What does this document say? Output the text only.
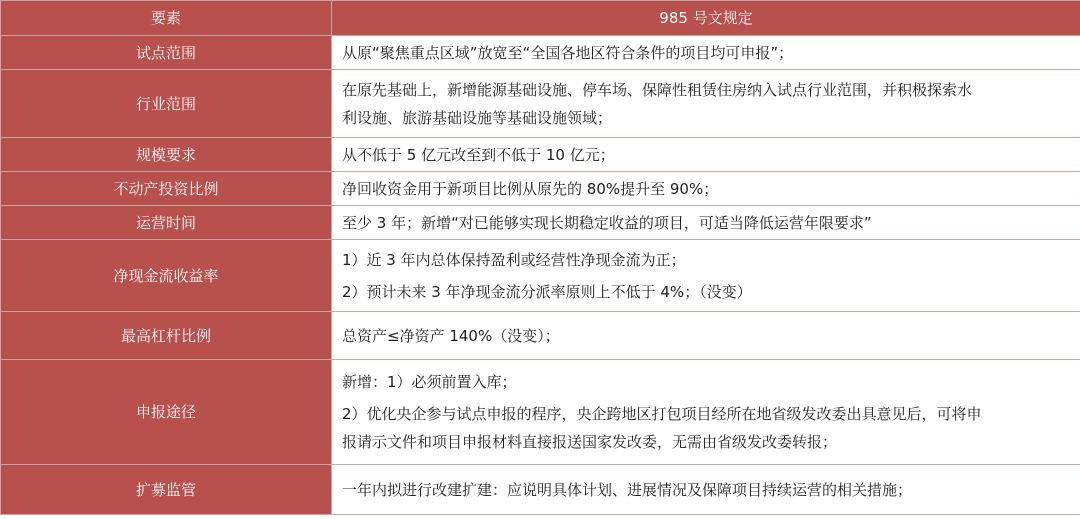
要素	985 号文规定
试点范围	从原“聚焦重点区域”放宽至“全国各地区符合条件的项目均可申报”；

行业范围	在原先基础上，新增能源基础设施、停车场、保障性租赁住房纳入试点行业范围，并积极探索水
利设施、旅游基础设施等基础设施领域；

规模要求	从不低于 5 亿元改至到不低于 10 亿元；

不动产投资比例	净回收资金用于新项目比例从原先的 80%提升至 90%；

运营时间	至少 3 年；新增“对已能够实现长期稳定收益的项目，可适当降低运营年限要求”

净现金流收益率	1）近 3 年内总体保持盈利或经营性净现金流为正；
2）预计未来 3 年净现金流分派率原则上不低于 4%；（没变）

最高杠杆比例	总资产≤净资产 140%（没变）；

申报途径	新增：1）必须前置入库；
2）优化央企参与试点申报的程序，央企跨地区打包项目经所在地省级发改委出具意见后，可将申
报请示文件和项目申报材料直接报送国家发改委，无需由省级发改委转报；

扩募监管	一年内拟进行改建扩建：应说明具体计划、进展情况及保障项目持续运营的相关措施；
